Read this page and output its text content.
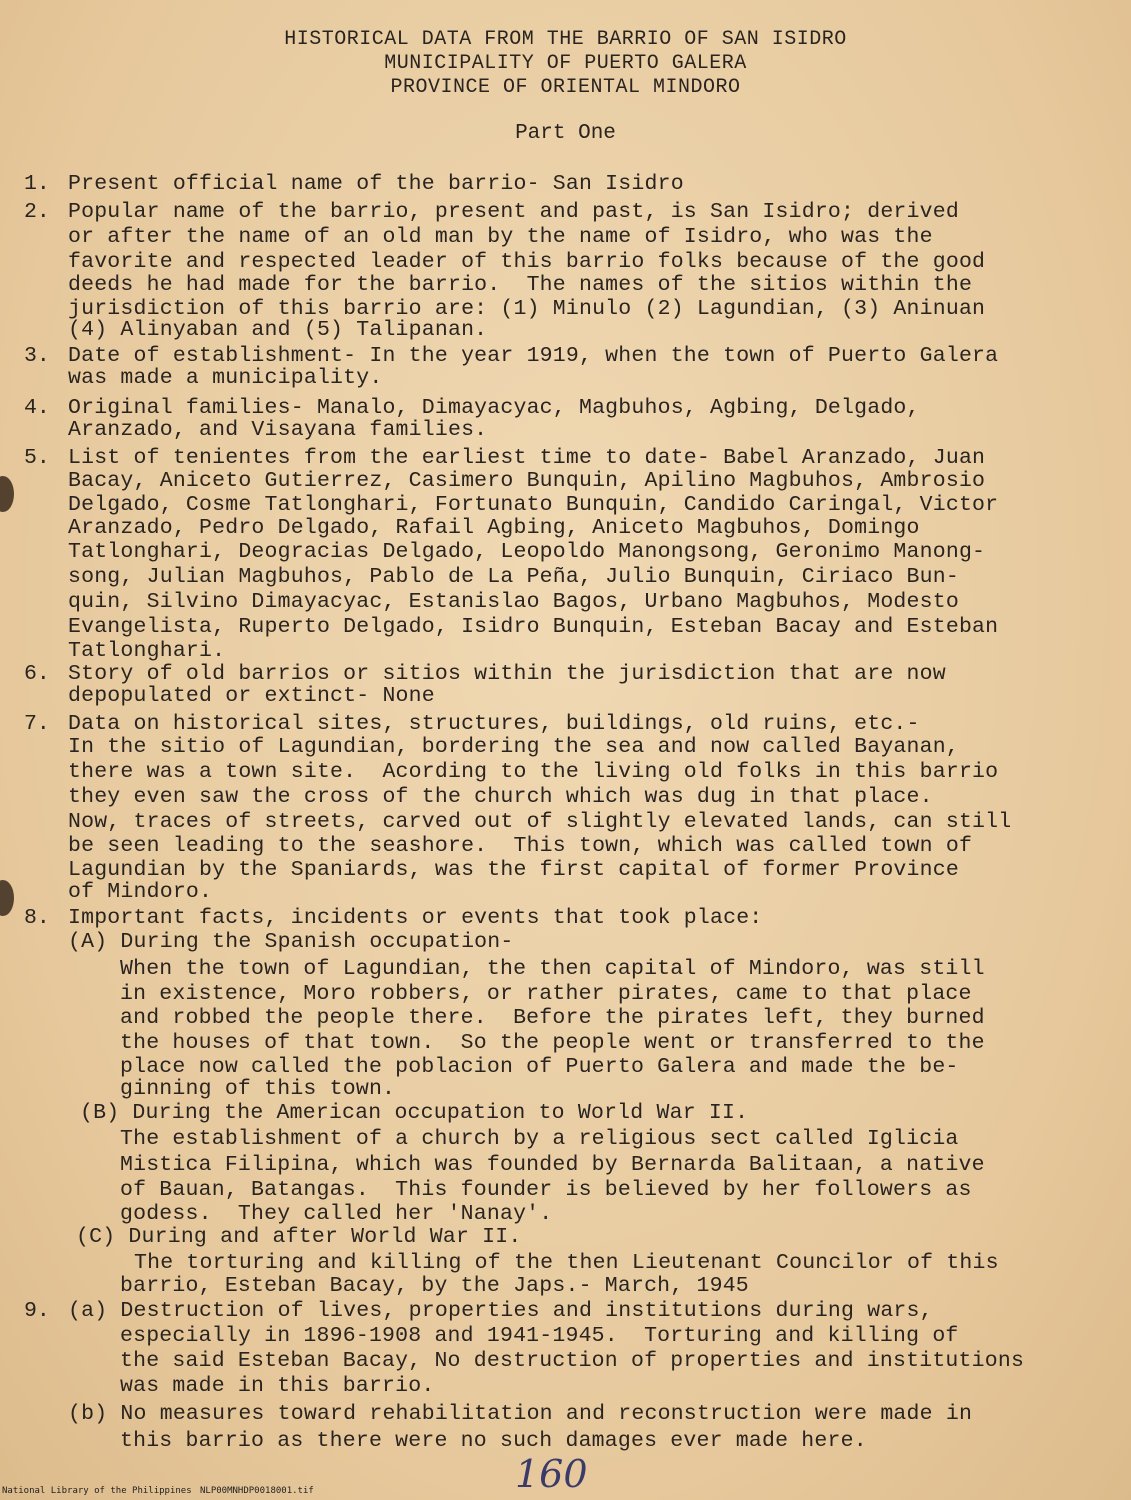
HISTORICAL DATA FROM THE BARRIO OF SAN ISIDRO
MUNICIPALITY OF PUERTO GALERA
PROVINCE OF ORIENTAL MINDORO
Part One
1. Present official name of the barrio- San Isidro
2. Popular name of the barrio, present and past, is San Isidro; derived
or after the name of an old man by the name of Isidro, who was the
favorite and respected leader of this barrio folks because of the good
deeds he had made for the barrio.  The names of the sitios within the
jurisdiction of this barrio are: (1) Minulo (2) Lagundian, (3) Aninuan
(4) Alinyaban and (5) Talipanan.
3. Date of establishment- In the year 1919, when the town of Puerto Galera
was made a municipality.
4. Original families- Manalo, Dimayacyac, Magbuhos, Agbing, Delgado,
Aranzado, and Visayana families.
5. List of tenientes from the earliest time to date- Babel Aranzado, Juan
Bacay, Aniceto Gutierrez, Casimero Bunquin, Apilino Magbuhos, Ambrosio
Delgado, Cosme Tatlonghari, Fortunato Bunquin, Candido Caringal, Victor
Aranzado, Pedro Delgado, Rafail Agbing, Aniceto Magbuhos, Domingo
Tatlonghari, Deogracias Delgado, Leopoldo Manongsong, Geronimo Manong-
song, Julian Magbuhos, Pablo de La Peña, Julio Bunquin, Ciriaco Bun-
quin, Silvino Dimayacyac, Estanislao Bagos, Urbano Magbuhos, Modesto
Evangelista, Ruperto Delgado, Isidro Bunquin, Esteban Bacay and Esteban
Tatlonghari.
6. Story of old barrios or sitios within the jurisdiction that are now
depopulated or extinct- None
7. Data on historical sites, structures, buildings, old ruins, etc.-
In the sitio of Lagundian, bordering the sea and now called Bayanan,
there was a town site.  Acording to the living old folks in this barrio
they even saw the cross of the church which was dug in that place.
Now, traces of streets, carved out of slightly elevated lands, can still
be seen leading to the seashore.  This town, which was called town of
Lagundian by the Spaniards, was the first capital of former Province
of Mindoro.
8. Important facts, incidents or events that took place:
(A) During the Spanish occupation-
When the town of Lagundian, the then capital of Mindoro, was still
in existence, Moro robbers, or rather pirates, came to that place
and robbed the people there.  Before the pirates left, they burned
the houses of that town.  So the people went or transferred to the
place now called the poblacion of Puerto Galera and made the be-
ginning of this town.
(B) During the American occupation to World War II.
The establishment of a church by a religious sect called Iglicia
Mistica Filipina, which was founded by Bernarda Balitaan, a native
of Bauan, Batangas.  This founder is believed by her followers as
godess.  They called her 'Nanay'.
(C) During and after World War II.
The torturing and killing of the then Lieutenant Councilor of this
barrio, Esteban Bacay, by the Japs.- March, 1945
9. (a) Destruction of lives, properties and institutions during wars,
especially in 1896-1908 and 1941-1945.  Torturing and killing of
the said Esteban Bacay, No destruction of properties and institutions
was made in this barrio.
(b) No measures toward rehabilitation and reconstruction were made in
this barrio as there were no such damages ever made here.
160
National Library of the Philippines NLP00MNHDP0018001.tif
